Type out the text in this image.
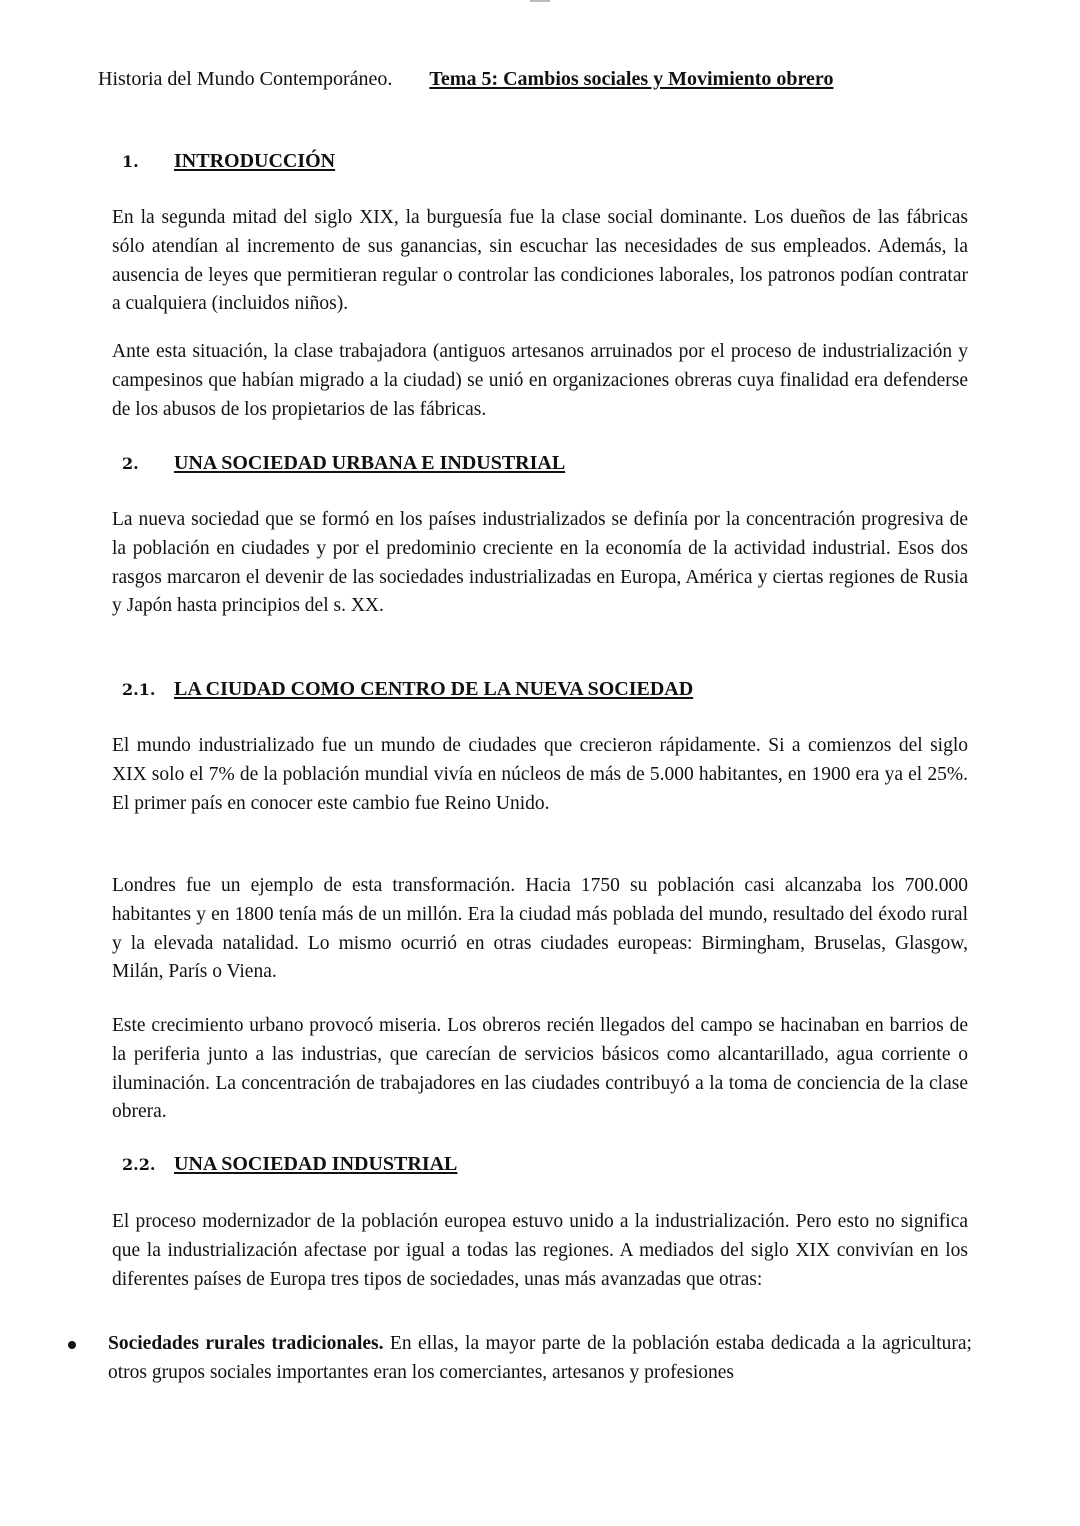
Historia del Mundo Contemporáneo. Tema 5: Cambios sociales y Movimiento obrero
1. INTRODUCCIÓN

En la segunda mitad del siglo XIX, la burguesía fue la clase social dominante. Los dueños de las fábricas sólo atendían al incremento de sus ganancias, sin escuchar las necesidades de sus empleados. Además, la ausencia de leyes que permitieran regular o controlar las condiciones laborales, los patronos podían contratar a cualquiera (incluidos niños).

Ante esta situación, la clase trabajadora (antiguos artesanos arruinados por el proceso de industrialización y campesinos que habían migrado a la ciudad) se unió en organizaciones obreras cuya finalidad era defenderse de los abusos de los propietarios de las fábricas.

2. UNA SOCIEDAD URBANA E INDUSTRIAL

La nueva sociedad que se formó en los países industrializados se definía por la concentración progresiva de la población en ciudades y por el predominio creciente en la economía de la actividad industrial. Esos dos rasgos marcaron el devenir de las sociedades industrializadas en Europa, América y ciertas regiones de Rusia y Japón hasta principios del s. XX.

2.1. LA CIUDAD COMO CENTRO DE LA NUEVA SOCIEDAD

El mundo industrializado fue un mundo de ciudades que crecieron rápidamente. Si a comienzos del siglo XIX solo el 7% de la población mundial vivía en núcleos de más de 5.000 habitantes, en 1900 era ya el 25%. El primer país en conocer este cambio fue Reino Unido.

Londres fue un ejemplo de esta transformación. Hacia 1750 su población casi alcanzaba los 700.000 habitantes y en 1800 tenía más de un millón. Era la ciudad más poblada del mundo, resultado del éxodo rural y la elevada natalidad. Lo mismo ocurrió en otras ciudades europeas: Birmingham, Bruselas, Glasgow, Milán, París o Viena.

Este crecimiento urbano provocó miseria. Los obreros recién llegados del campo se hacinaban en barrios de la periferia junto a las industrias, que carecían de servicios básicos como alcantarillado, agua corriente o iluminación. La concentración de trabajadores en las ciudades contribuyó a la toma de conciencia de la clase obrera.

2.2. UNA SOCIEDAD INDUSTRIAL

El proceso modernizador de la población europea estuvo unido a la industrialización. Pero esto no significa que la industrialización afectase por igual a todas las regiones. A mediados del siglo XIX convivían en los diferentes países de Europa tres tipos de sociedades, unas más avanzadas que otras:

Sociedades rurales tradicionales. En ellas, la mayor parte de la población estaba dedicada a la agricultura; otros grupos sociales importantes eran los comerciantes, artesanos y profesiones
